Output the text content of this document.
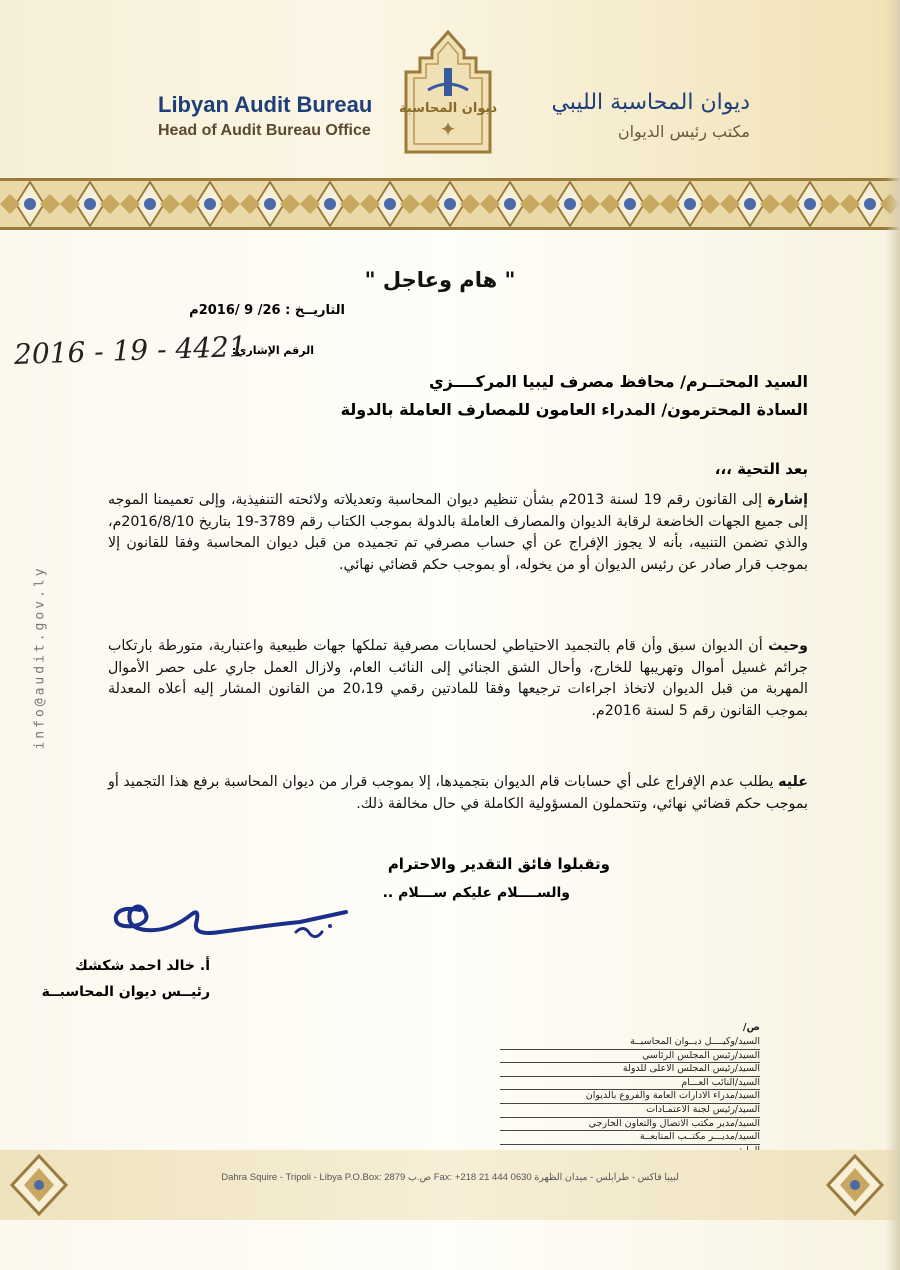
Libyan Audit Bureau
Head of Audit Bureau Office
ديوان المحاسبة الليبي
مكتب رئيس الديوان
ديوان المحاسبة
✦
" هام وعاجل "
التاريــخ : 26/ 9 /2016م
الرقم الإشاري:
2016 - 19 - 4421
السيد المحتــرم/ محافظ مصرف ليبيا المركــــزي
السادة المحترمون/ المدراء العامون للمصارف العاملة بالدولة
بعد التحية ،،،
إشارة إلى القانون رقم 19 لسنة 2013م بشأن تنظيم ديوان المحاسبة وتعديلاته ولائحته التنفيذية، وإلى تعميمنا الموجه إلى جميع الجهات الخاضعة لرقابة الديوان والمصارف العاملة بالدولة بموجب الكتاب رقم 3789-19 بتاريخ 2016/8/10م، والذي تضمن التنبيه، بأنه لا يجوز الإفراج عن أي حساب مصرفي تم تجميده من قبل ديوان المحاسبة وفقا للقانون إلا بموجب قرار صادر عن رئيس الديوان أو من يخوله، أو بموجب حكم قضائي نهائي.
وحيث أن الديوان سبق وأن قام بالتجميد الاحتياطي لحسابات مصرفية تملكها جهات طبيعية واعتبارية، متورطة بارتكاب جرائم غسيل أموال وتهريبها للخارج، وأحال الشق الجنائي إلى النائب العام، ولازال العمل جاري على حصر الأموال المهربة من قبل الديوان لاتخاذ اجراءات ترجيعها وفقا للمادتين رقمي 20،19 من القانون المشار إليه أعلاه المعدلة بموجب القانون رقم 5 لسنة 2016م.
عليه يطلب عدم الإفراج على أي حسابات قام الديوان بتجميدها، إلا بموجب قرار من ديوان المحاسبة برفع هذا التجميد أو بموجب حكم قضائي نهائي، وتتحملون المسؤولية الكاملة في حال مخالفة ذلك.
وتقبلوا فائق التقدير والاحترام
والســــلام عليكم ســـلام ..
أ. خالد احمد شكشك
رئيــس ديوان المحاسبــة
info@audit.gov.ly
ص/
السيد/وكيــــل ديــوان المحاسبــة
السيد/رئيس المجلس الرئاسي
السيد/رئيس المجلس الاعلى للدولة
السيد/النائب العـــام
السيد/مدراء الادارات العامة والفروع بالديوان
السيد/رئيس لجنة الاعتمـادات
السيد/مدير مكتب الاتصال والتعاون الخارجي
السيد/مديـــر مكتــب المتابعــة
Dahra Squire - Tripoli - Libya P.O.Box: 2879 ص.ب Fax: +218 21 444 0630 لبيبا فاكس - طرابلس - ميدان الظهرة
